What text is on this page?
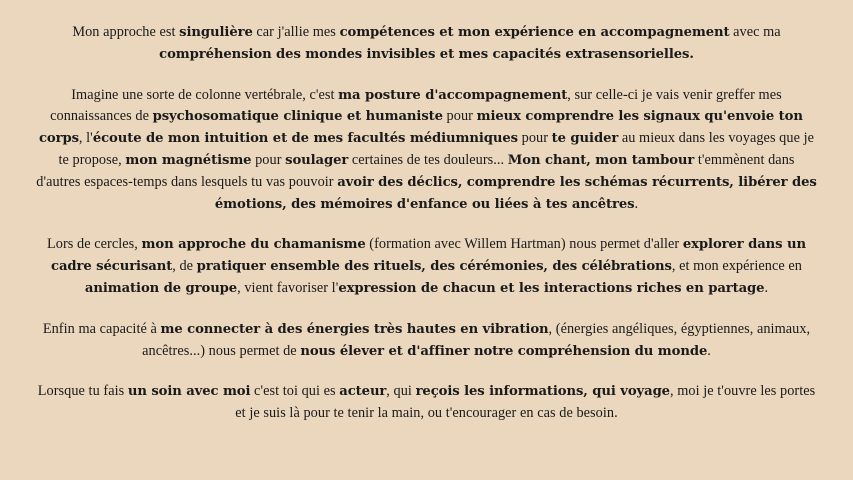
Mon approche est singulière car j'allie mes compétences et mon expérience en accompagnement avec ma compréhension des mondes invisibles et mes capacités extrasensorielles.

Imagine une sorte de colonne vertébrale, c'est ma posture d'accompagnement, sur celle-ci je vais venir greffer mes connaissances de psychosomatique clinique et humaniste pour mieux comprendre les signaux qu'envoie ton corps, l'écoute de mon intuition et de mes facultés médiumniques pour te guider au mieux dans les voyages que je te propose, mon magnétisme pour soulager certaines de tes douleurs... Mon chant, mon tambour t'emmènent dans d'autres espaces-temps dans lesquels tu vas pouvoir avoir des déclics, comprendre les schémas récurrents, libérer des émotions, des mémoires d'enfance ou liées à tes ancêtres.

Lors de cercles, mon approche du chamanisme (formation avec Willem Hartman) nous permet d'aller explorer dans un cadre sécurisant, de pratiquer ensemble des rituels, des cérémonies, des célébrations, et mon expérience en animation de groupe, vient favoriser l'expression de chacun et les interactions riches en partage.

Enfin ma capacité à me connecter à des énergies très hautes en vibration, (énergies angéliques, égyptiennes, animaux, ancêtres...) nous permet de nous élever et d'affiner notre compréhension du monde.

Lorsque tu fais un soin avec moi c'est toi qui es acteur, qui reçois les informations, qui voyage, moi je t'ouvre les portes et je suis là pour te tenir la main, ou t'encourager en cas de besoin.
